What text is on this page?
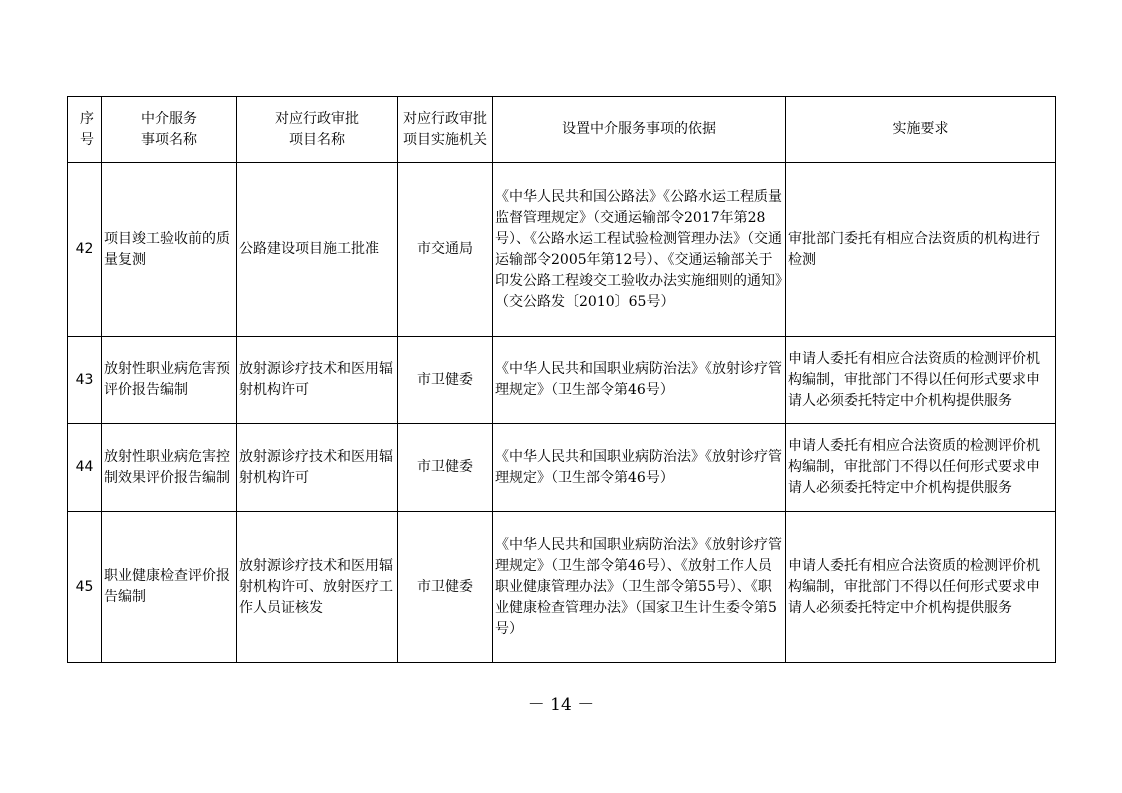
序号	中介服务事项名称	对应行政审批项目名称	对应行政审批项目实施机关	设置中介服务事项的依据	实施要求
42	项目竣工验收前的质量复测	公路建设项目施工批准	市交通局	《中华人民共和国公路法》《公路水运工程质量监督管理规定》（交通运输部令2017年第28号）、《公路水运工程试验检测管理办法》（交通运输部令2005年第12号）、《交通运输部关于印发公路工程竣交工验收办法实施细则的通知》（交公路发〔2010〕65号）	审批部门委托有相应合法资质的机构进行检测
43	放射性职业病危害预评价报告编制	放射源诊疗技术和医用辐射机构许可	市卫健委	《中华人民共和国职业病防治法》《放射诊疗管理规定》（卫生部令第46号）	申请人委托有相应合法资质的检测评价机构编制，审批部门不得以任何形式要求申请人必须委托特定中介机构提供服务
44	放射性职业病危害控制效果评价报告编制	放射源诊疗技术和医用辐射机构许可	市卫健委	《中华人民共和国职业病防治法》《放射诊疗管理规定》（卫生部令第46号）	申请人委托有相应合法资质的检测评价机构编制，审批部门不得以任何形式要求申请人必须委托特定中介机构提供服务
45	职业健康检查评价报告编制	放射源诊疗技术和医用辐射机构许可、放射医疗工作人员证核发	市卫健委	《中华人民共和国职业病防治法》《放射诊疗管理规定》（卫生部令第46号）、《放射工作人员职业健康管理办法》（卫生部令第55号）、《职业健康检查管理办法》（国家卫生计生委令第5号）	申请人委托有相应合法资质的检测评价机构编制，审批部门不得以任何形式要求申请人必须委托特定中介机构提供服务
－ 14 －
